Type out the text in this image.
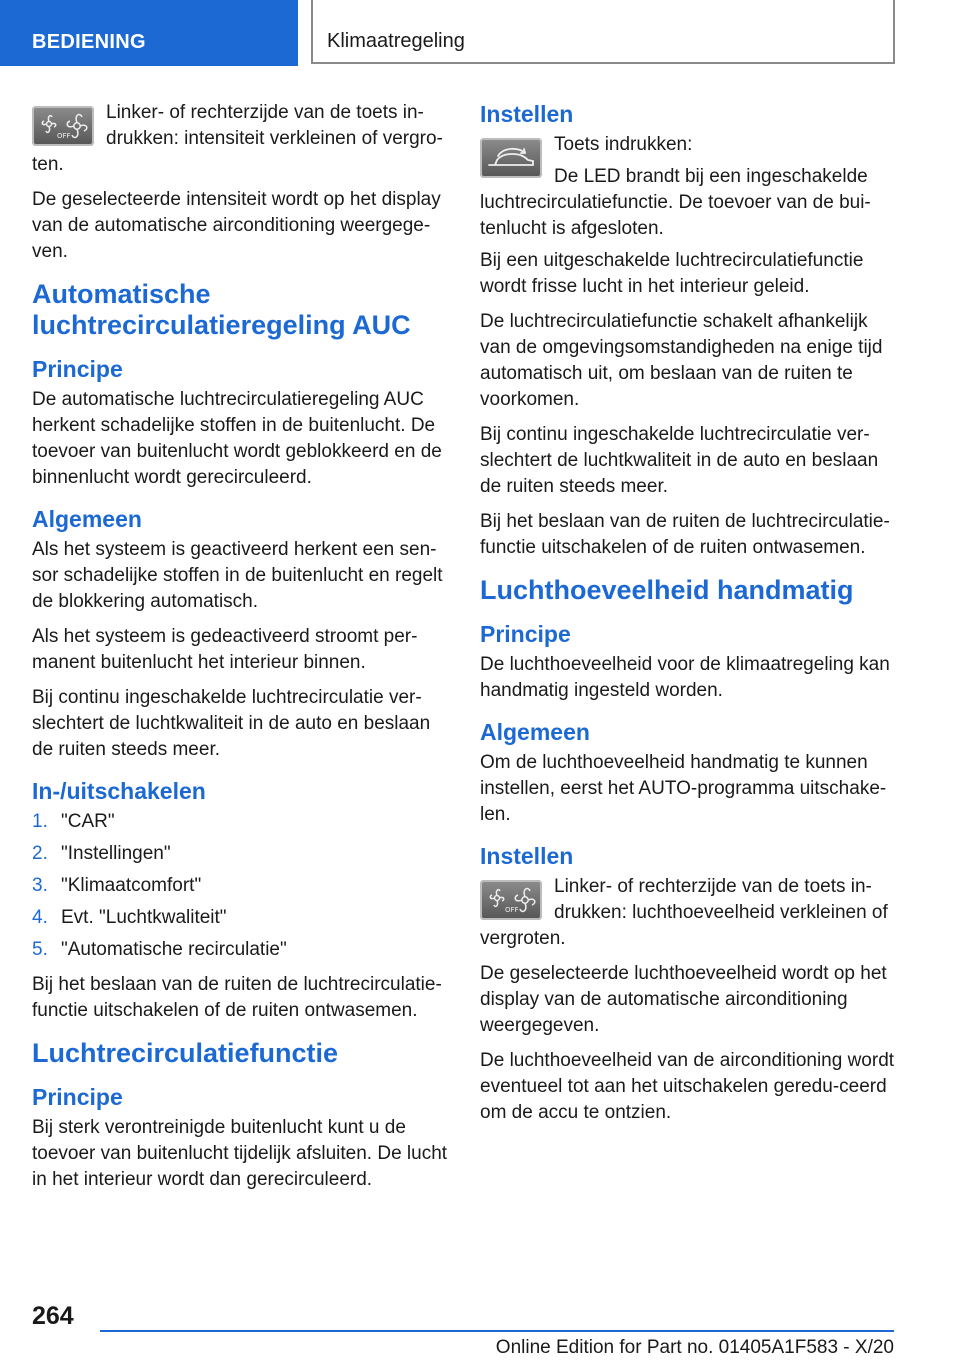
BEDIENING	Klimaatregeling
OFF
Linker- of rechterzijde van de toets in‐drukken: intensiteit verkleinen of vergro‐ten.

De geselecteerde intensiteit wordt op het display van de automatische airconditioning weergege‐ven.

Automatische luchtrecirculatieregeling AUC
Principe

De automatische luchtrecirculatieregeling AUC herkent schadelijke stoffen in de buitenlucht. De toevoer van buitenlucht wordt geblokkeerd en de binnenlucht wordt gerecirculeerd.

Algemeen

Als het systeem is geactiveerd herkent een sen‐sor schadelijke stoffen in de buitenlucht en regelt de blokkering automatisch.

Als het systeem is gedeactiveerd stroomt per‐manent buitenlucht het interieur binnen.

Bij continu ingeschakelde luchtrecirculatie ver‐slechtert de luchtkwaliteit in de auto en beslaan de ruiten steeds meer.

In-/uitschakelen
1. "CAR"
2. "Instellingen"
3. "Klimaatcomfort"
4. Evt. "Luchtkwaliteit"
5. "Automatische recirculatie"

Bij het beslaan van de ruiten de luchtrecirculatie‐functie uitschakelen of de ruiten ontwasemen.

Luchtrecirculatiefunctie
Principe

Bij sterk verontreinigde buitenlucht kunt u de toevoer van buitenlucht tijdelijk afsluiten. De lucht in het interieur wordt dan gerecirculeerd.

Instellen

Toets indrukken:

De LED brandt bij een ingeschakelde luchtrecirculatiefunctie. De toevoer van de bui‐tenlucht is afgesloten.

Bij een uitgeschakelde luchtrecirculatiefunctie wordt frisse lucht in het interieur geleid.

De luchtrecirculatiefunctie schakelt afhankelijk van de omgevingsomstandigheden na enige tijd automatisch uit, om beslaan van de ruiten te voorkomen.

Bij continu ingeschakelde luchtrecirculatie ver‐slechtert de luchtkwaliteit in de auto en beslaan de ruiten steeds meer.

Bij het beslaan van de ruiten de luchtrecirculatie‐functie uitschakelen of de ruiten ontwasemen.

Luchthoeveelheid handmatig
Principe

De luchthoeveelheid voor de klimaatregeling kan handmatig ingesteld worden.

Algemeen

Om de luchthoeveelheid handmatig te kunnen instellen, eerst het AUTO-programma uitschake‐len.

Instellen
OFF
Linker- of rechterzijde van de toets in‐drukken: luchthoeveelheid verkleinen of vergroten.

De geselecteerde luchthoeveelheid wordt op het display van de automatische airconditioning weergegeven.

De luchthoeveelheid van de airconditioning wordt eventueel tot aan het uitschakelen geredu‐ceerd om de accu te ontzien.

264
Online Edition for Part no. 01405A1F583 - X/20
